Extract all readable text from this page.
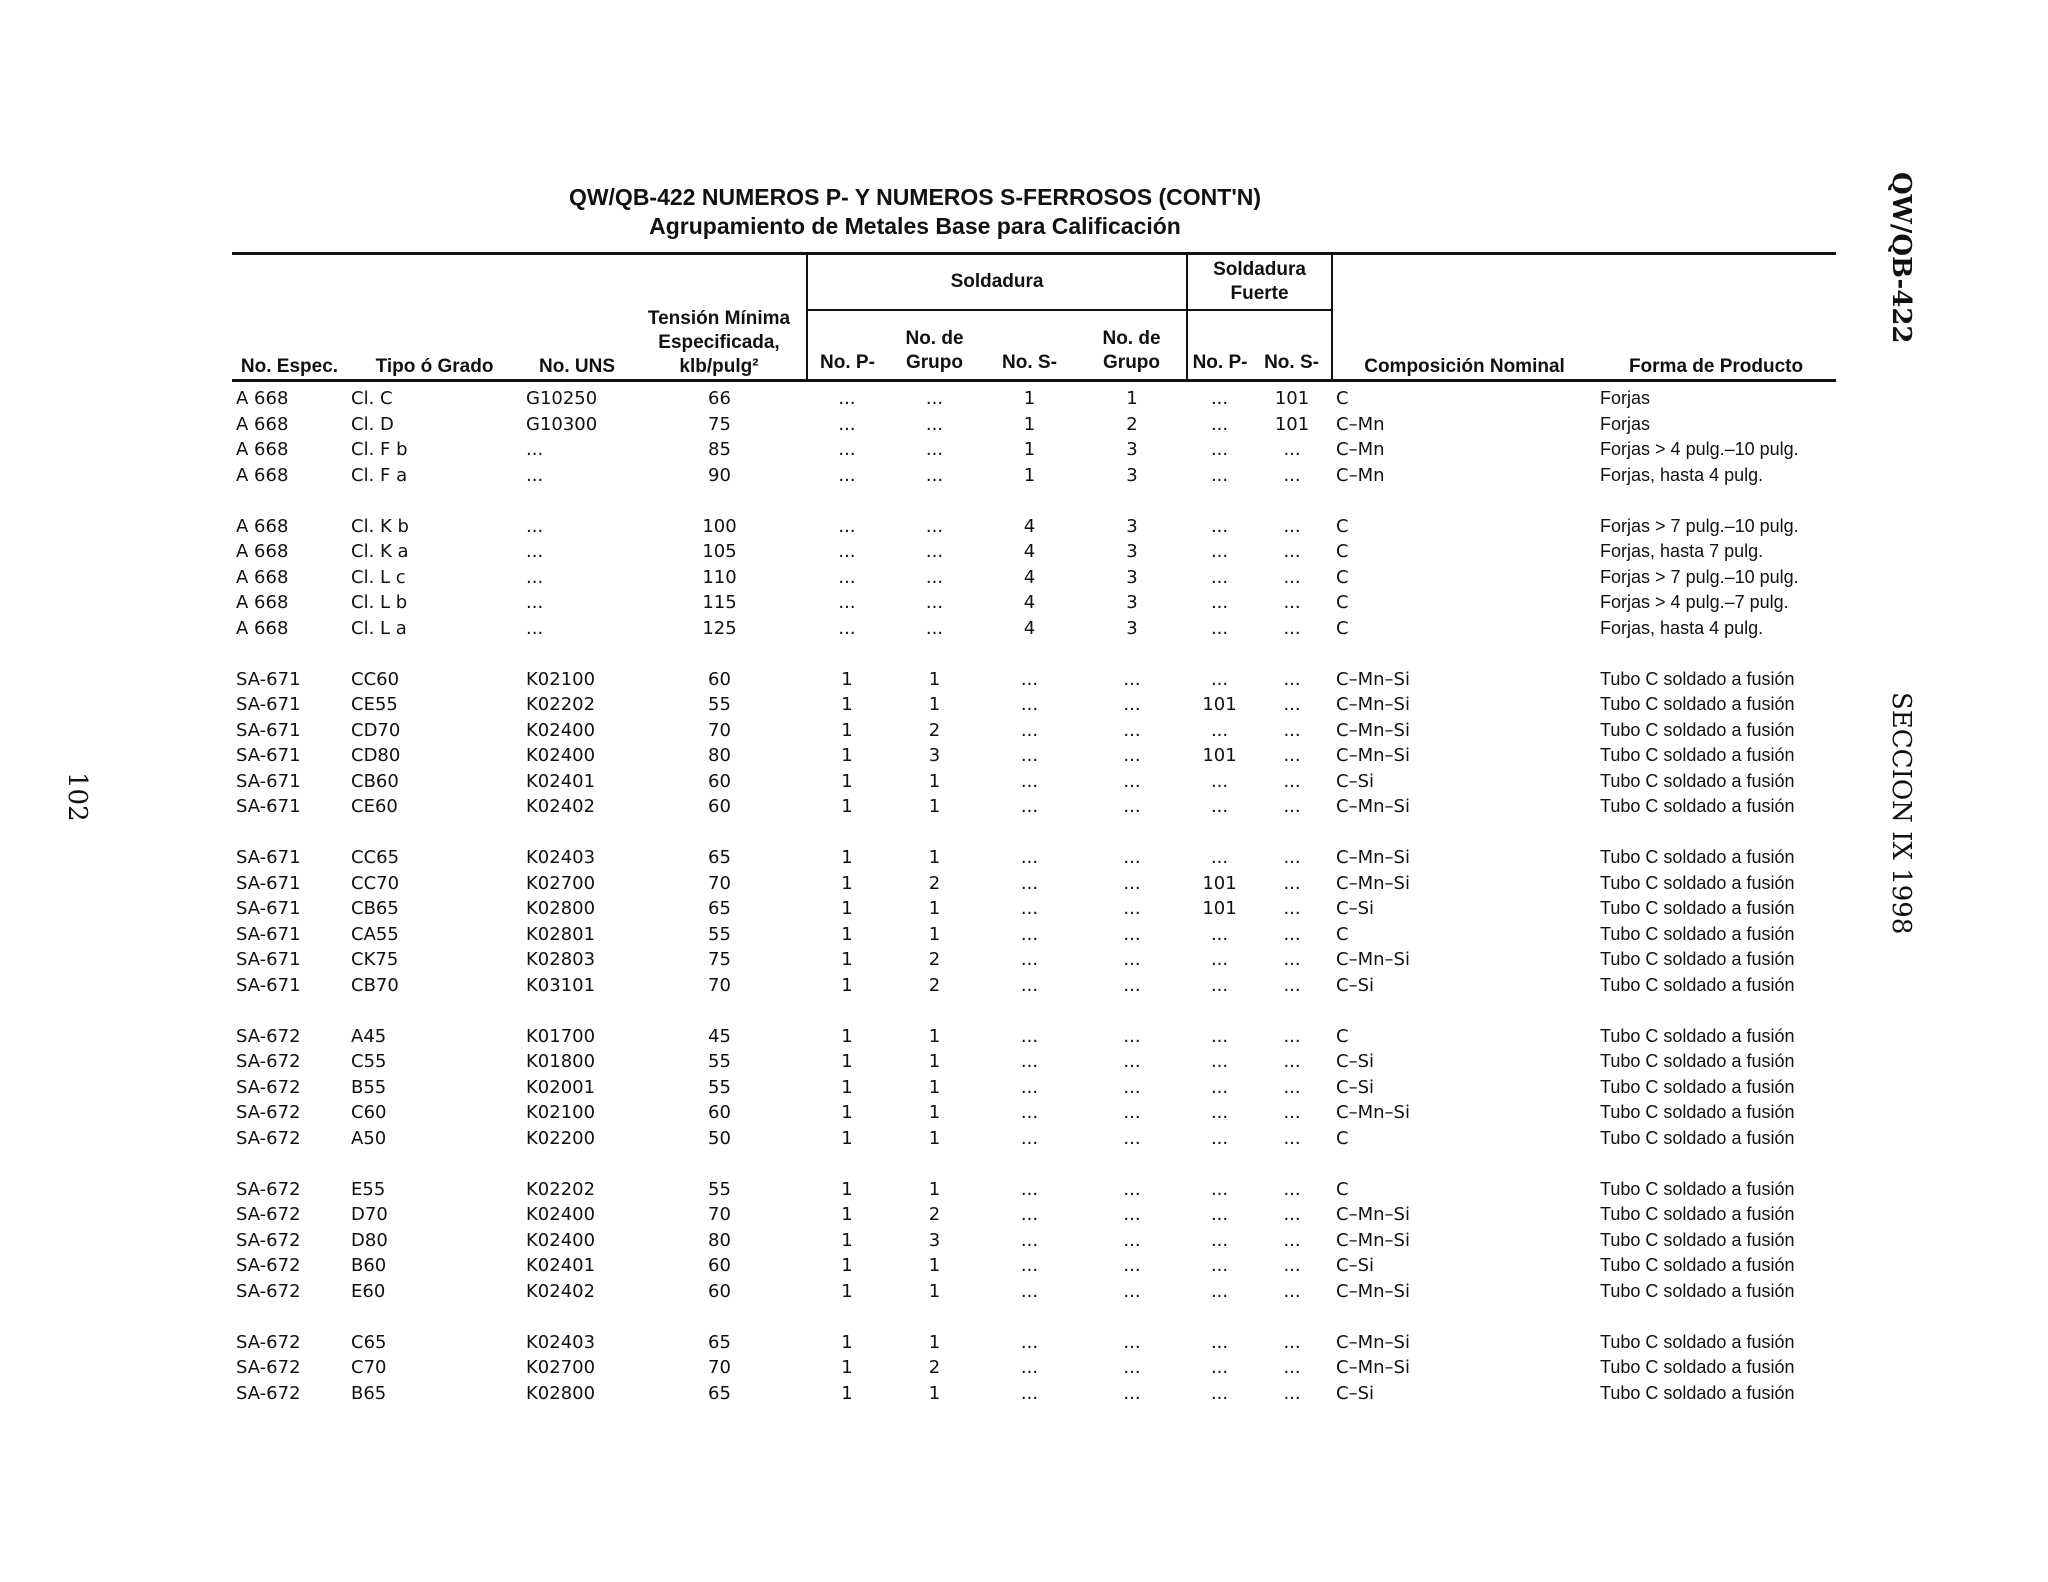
QW/QB-422 NUMEROS P- Y NUMEROS S-FERROSOS (CONT'N)
Agrupamiento de Metales Base para Calificación	QW/QB-422
SECCION IX 1998
102
No. Espec.	Tipo ó Grado	No. UNS	Tensión Mínima Especificada, klb/pulg²	Soldadura				Soldadura Fuerte		Composición Nominal	Forma de Producto
				No. P-	No. de Grupo	No. S-	No. de Grupo	No. P-	No. S-		
A 668	Cl. C	G10250	66	...	...	1	1	...	101	C	Forjas
A 668	Cl. D	G10300	75	...	...	1	2	...	101	C–Mn	Forjas
A 668	Cl. F b	...	85	...	...	1	3	...	...	C–Mn	Forjas > 4 pulg.–10 pulg.
A 668	Cl. F a	...	90	...	...	1	3	...	...	C–Mn	Forjas, hasta 4 pulg.

A 668	Cl. K b	...	100	...	...	4	3	...	...	C	Forjas > 7 pulg.–10 pulg.
A 668	Cl. K a	...	105	...	...	4	3	...	...	C	Forjas, hasta 7 pulg.
A 668	Cl. L c	...	110	...	...	4	3	...	...	C	Forjas > 7 pulg.–10 pulg.
A 668	Cl. L b	...	115	...	...	4	3	...	...	C	Forjas > 4 pulg.–7 pulg.
A 668	Cl. L a	...	125	...	...	4	3	...	...	C	Forjas, hasta 4 pulg.

SA-671	CC60	K02100	60	1	1	...	...	...	...	C–Mn–Si	Tubo C soldado a fusión
SA-671	CE55	K02202	55	1	1	...	...	101	...	C–Mn–Si	Tubo C soldado a fusión
SA-671	CD70	K02400	70	1	2	...	...	...	...	C–Mn–Si	Tubo C soldado a fusión
SA-671	CD80	K02400	80	1	3	...	...	101	...	C–Mn–Si	Tubo C soldado a fusión
SA-671	CB60	K02401	60	1	1	...	...	...	...	C–Si	Tubo C soldado a fusión
SA-671	CE60	K02402	60	1	1	...	...	...	...	C–Mn–Si	Tubo C soldado a fusión

SA-671	CC65	K02403	65	1	1	...	...	...	...	C–Mn–Si	Tubo C soldado a fusión
SA-671	CC70	K02700	70	1	2	...	...	101	...	C–Mn–Si	Tubo C soldado a fusión
SA-671	CB65	K02800	65	1	1	...	...	101	...	C–Si	Tubo C soldado a fusión
SA-671	CA55	K02801	55	1	1	...	...	...	...	C	Tubo C soldado a fusión
SA-671	CK75	K02803	75	1	2	...	...	...	...	C–Mn–Si	Tubo C soldado a fusión
SA-671	CB70	K03101	70	1	2	...	...	...	...	C–Si	Tubo C soldado a fusión

SA-672	A45	K01700	45	1	1	...	...	...	...	C	Tubo C soldado a fusión
SA-672	C55	K01800	55	1	1	...	...	...	...	C–Si	Tubo C soldado a fusión
SA-672	B55	K02001	55	1	1	...	...	...	...	C–Si	Tubo C soldado a fusión
SA-672	C60	K02100	60	1	1	...	...	...	...	C–Mn–Si	Tubo C soldado a fusión
SA-672	A50	K02200	50	1	1	...	...	...	...	C	Tubo C soldado a fusión

SA-672	E55	K02202	55	1	1	...	...	...	...	C	Tubo C soldado a fusión
SA-672	D70	K02400	70	1	2	...	...	...	...	C–Mn–Si	Tubo C soldado a fusión
SA-672	D80	K02400	80	1	3	...	...	...	...	C–Mn–Si	Tubo C soldado a fusión
SA-672	B60	K02401	60	1	1	...	...	...	...	C–Si	Tubo C soldado a fusión
SA-672	E60	K02402	60	1	1	...	...	...	...	C–Mn–Si	Tubo C soldado a fusión

SA-672	C65	K02403	65	1	1	...	...	...	...	C–Mn–Si	Tubo C soldado a fusión
SA-672	C70	K02700	70	1	2	...	...	...	...	C–Mn–Si	Tubo C soldado a fusión
SA-672	B65	K02800	65	1	1	...	...	...	...	C–Si	Tubo C soldado a fusión
